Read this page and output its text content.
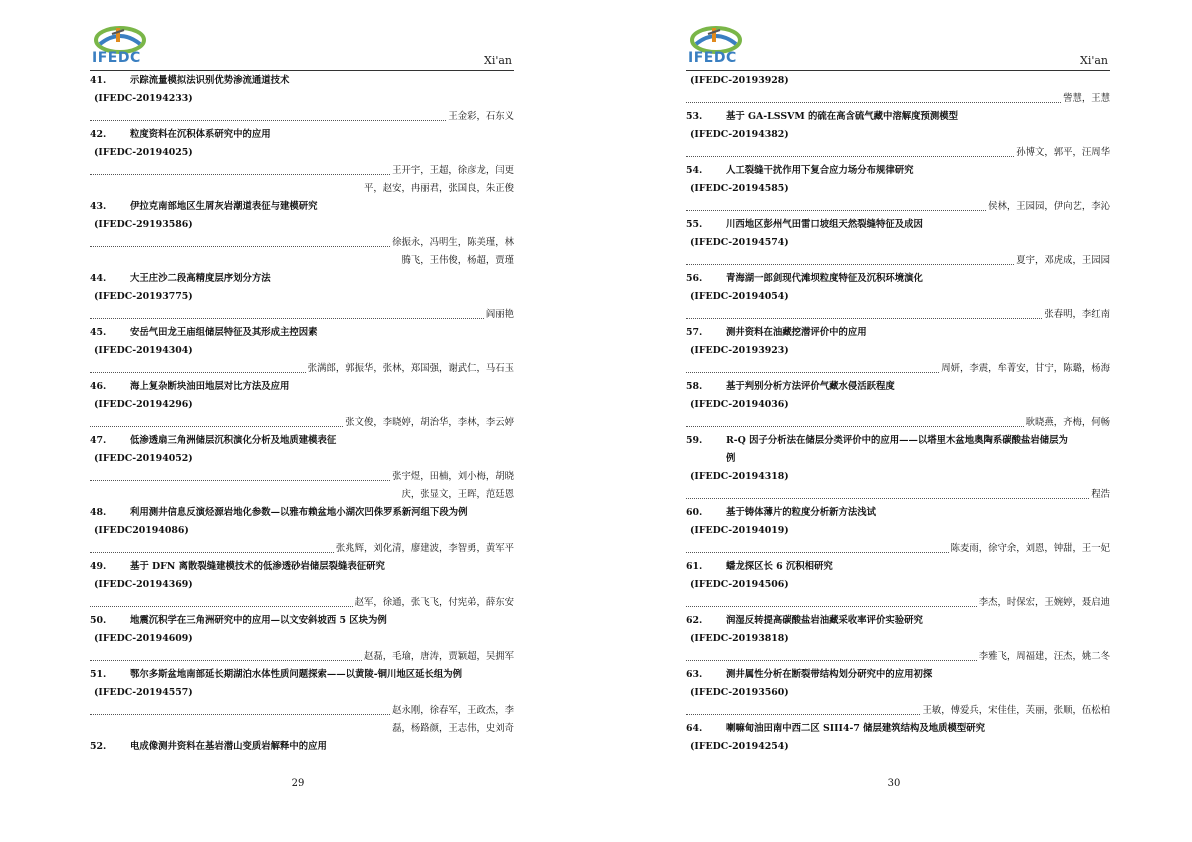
IFEDC	Xi'an
41.	示踪流量模拟法识别优势渗流通道技术
(IFEDC-20194233)
王金彩，石东义
42.	粒度资料在沉积体系研究中的应用
(IFEDC-20194025)
王开宇，王超，徐彦龙，闫更
平，赵安，冉丽君，张国良，朱正俊
43.	伊拉克南部地区生屑灰岩潮道表征与建模研究
(IFEDC-29193586)
徐振永，冯明生，陈美瑾，林
腾飞，王伟俊，杨超，贾瑾
44.	大王庄沙二段高精度层序划分方法
(IFEDC-20193775)
阎丽艳
45.	安岳气田龙王庙组储层特征及其形成主控因素
(IFEDC-20194304)
张满郎，郭振华，张林，郑国强，谢武仁，马石玉
46.	海上复杂断块油田地层对比方法及应用
(IFEDC-20194296)
张文俊，李晓婷，胡治华，李林，李云婷
47.	低渗透扇三角洲储层沉积演化分析及地质建模表征
(IFEDC-20194052)
张宇煜，田楠，刘小梅，胡晓
庆，张显文，王晖，范廷恩
48.	利用测井信息反演烃源岩地化参数—以雅布赖盆地小湖次凹侏罗系新河组下段为例
(IFEDC20194086)
张兆辉，刘化清，廖建波，李智勇，黄军平
49.	基于 DFN 离散裂缝建模技术的低渗透砂岩储层裂缝表征研究
(IFEDC-20194369)
赵军，徐通，张飞飞，付宪弟，薛东安
50.	地震沉积学在三角洲研究中的应用—以文安斜坡西 5 区块为例
(IFEDC-20194609)
赵磊，毛瑜，唐涛，贾颖超，吴拥军
51.	鄂尔多斯盆地南部延长期湖泊水体性质问题探索——以黄陵-铜川地区延长组为例
(IFEDC-20194557)
赵永刚，徐春军，王政杰，李
磊，杨路颜，王志伟，史刘奇
52.	电成像测井资料在基岩潜山变质岩解释中的应用
29
IFEDC	Xi'an
(IFEDC-20193928)
訾慧，王慧
53.	基于 GA-LSSVM 的硫在高含硫气藏中溶解度预测模型
(IFEDC-20194382)
孙博文，郭平，汪周华
54.	人工裂缝干扰作用下复合应力场分布规律研究
(IFEDC-20194585)
侯林，王园园，伊向艺，李沁
55.	川西地区彭州气田雷口坡组天然裂缝特征及成因
(IFEDC-20194574)
夏宇，邓虎成，王园园
56.	青海湖一郎剑现代滩坝粒度特征及沉积环境演化
(IFEDC-20194054)
张春明，李红南
57.	测井资料在油藏挖潜评价中的应用
(IFEDC-20193923)
周妍，李震，牟菁安，甘宁，陈璐，杨海
58.	基于判别分析方法评价气藏水侵活跃程度
(IFEDC-20194036)
耿晓燕，齐梅，何畅
59.	R-Q 因子分析法在储层分类评价中的应用——以塔里木盆地奥陶系碳酸盐岩储层为
例
(IFEDC-20194318)
程浩
60.	基于铸体薄片的粒度分析新方法浅试
(IFEDC-20194019)
陈麦雨，徐守余，刘恩，钟甜，王一妃
61.	蟠龙探区长 6 沉积相研究
(IFEDC-20194506)
李杰，时保宏，王婉婷，聂启迪
62.	润湿反转提高碳酸盐岩油藏采收率评价实验研究
(IFEDC-20193818)
李雅飞，周福建，汪杰，姚二冬
63.	测井属性分析在断裂带结构划分研究中的应用初探
(IFEDC-20193560)
王敏，傅爱兵，宋佳佳，芙丽，张顺，伍松柏
64.	喇嘛甸油田南中西二区 SIII4-7 储层建筑结构及地质模型研究
(IFEDC-20194254)
30
